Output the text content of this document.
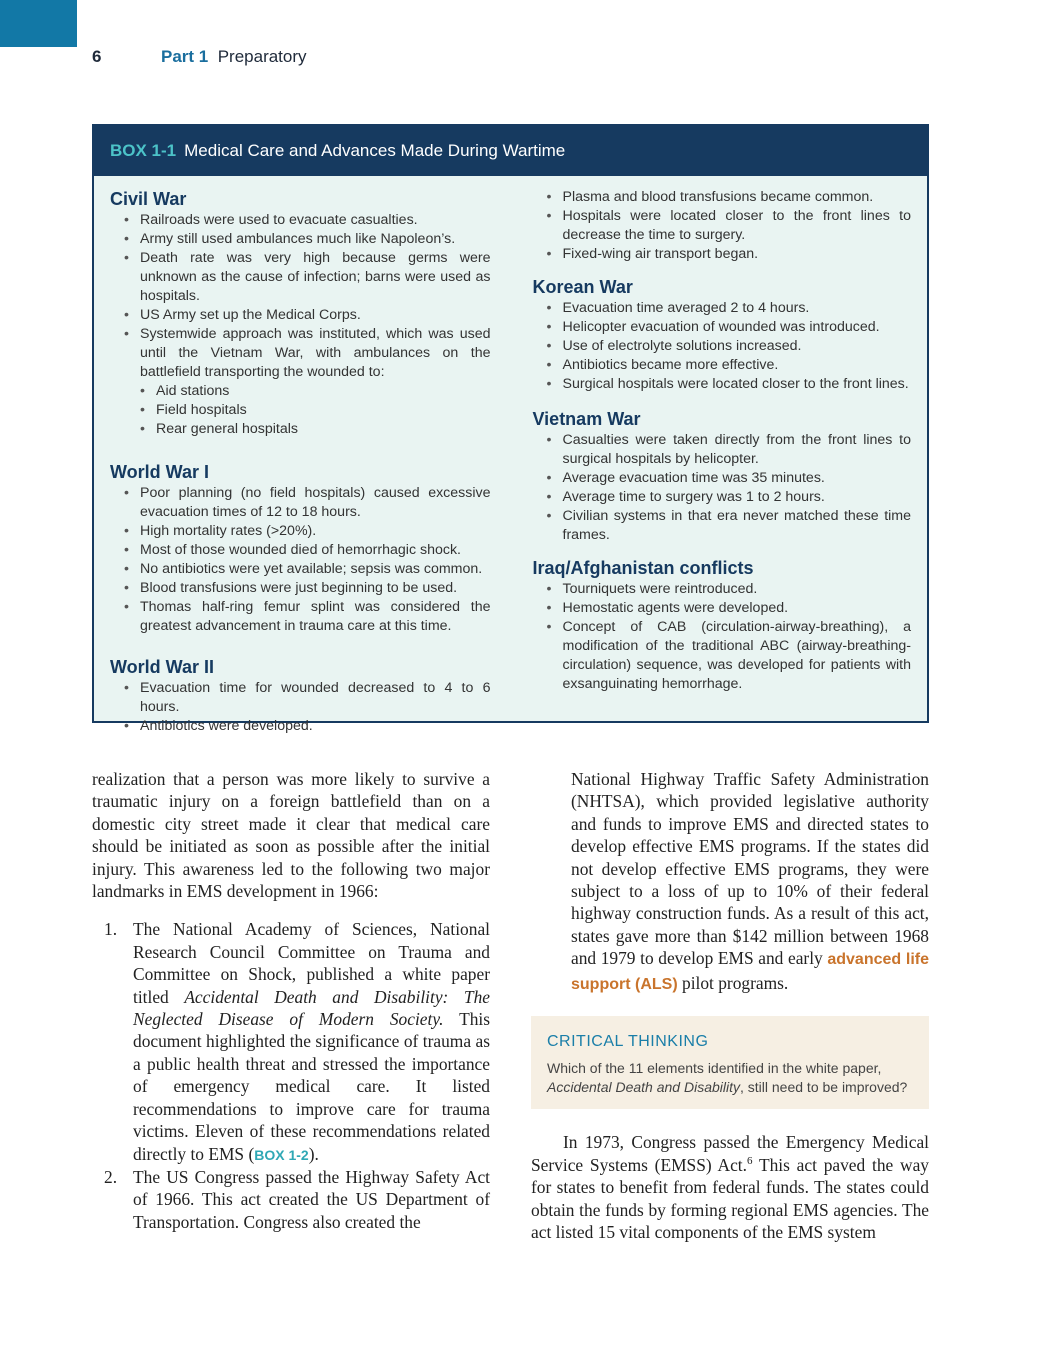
6	Part 1 Preparatory
BOX 1-1 Medical Care and Advances Made During Wartime
Civil War
• Railroads were used to evacuate casualties.
• Army still used ambulances much like Napoleon’s.
• Death rate was very high because germs were unknown as the cause of infection; barns were used as hospitals.
• US Army set up the Medical Corps.
• Systemwide approach was instituted, which was used until the Vietnam War, with ambulances on the battlefield transporting the wounded to:
• Aid stations
• Field hospitals
• Rear general hospitals
World War I
• Poor planning (no field hospitals) caused excessive evacuation times of 12 to 18 hours.
• High mortality rates (>20%).
• Most of those wounded died of hemorrhagic shock.
• No antibiotics were yet available; sepsis was common.
• Blood transfusions were just beginning to be used.
• Thomas half-ring femur splint was considered the greatest advancement in trauma care at this time.
World War II
• Evacuation time for wounded decreased to 4 to 6 hours.
• Antibiotics were developed.
• Plasma and blood transfusions became common.
• Hospitals were located closer to the front lines to decrease the time to surgery.
• Fixed-wing air transport began.
Korean War
• Evacuation time averaged 2 to 4 hours.
• Helicopter evacuation of wounded was introduced.
• Use of electrolyte solutions increased.
• Antibiotics became more effective.
• Surgical hospitals were located closer to the front lines.
Vietnam War
• Casualties were taken directly from the front lines to surgical hospitals by helicopter.
• Average evacuation time was 35 minutes.
• Average time to surgery was 1 to 2 hours.
• Civilian systems in that era never matched these time frames.
Iraq/Afghanistan conflicts
• Tourniquets were reintroduced.
• Hemostatic agents were developed.
• Concept of CAB (circulation-airway-breathing), a modification of the traditional ABC (airway-breathing-circulation) sequence, was developed for patients with exsanguinating hemorrhage.

realization that a person was more likely to survive a traumatic injury on a foreign battlefield than on a domestic city street made it clear that medical care should be initiated as soon as possible after the initial injury. This awareness led to the following two major landmarks in EMS development in 1966:

1. The National Academy of Sciences, National Research Council Committee on Trauma and Committee on Shock, published a white paper titled Accidental Death and Disability: The Neglected Disease of Modern Society. This document highlighted the significance of trauma as a public health threat and stressed the importance of emergency medical care. It listed recommendations to improve care for trauma victims. Eleven of these recommendations related directly to EMS (BOX 1-2).
2. The US Congress passed the Highway Safety Act of 1966. This act created the US Department of Transportation. Congress also created the

National Highway Traffic Safety Administration (NHTSA), which provided legislative authority and funds to improve EMS and directed states to develop effective EMS programs. If the states did not develop effective EMS programs, they were subject to a loss of up to 10% of their federal highway construction funds. As a result of this act, states gave more than $142 million between 1968 and 1979 to develop EMS and early advanced life support (ALS) pilot programs.

CRITICAL THINKING
Which of the 11 elements identified in the white paper, Accidental Death and Disability, still need to be improved?

In 1973, Congress passed the Emergency Medical Service Systems (EMSS) Act.$^6$ This act paved the way for states to benefit from federal funds. The states could obtain the funds by forming regional EMS agencies. The act listed 15 vital components of the EMS system
